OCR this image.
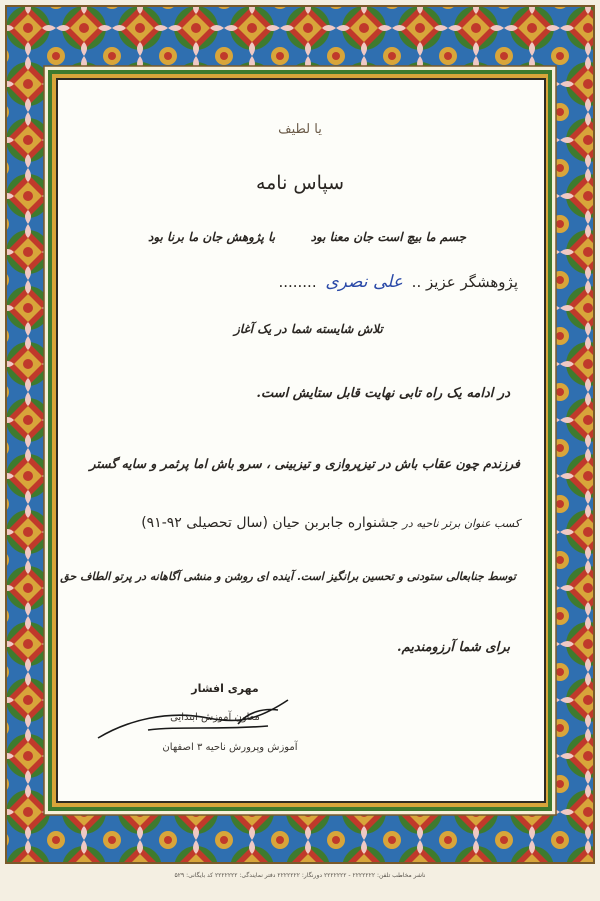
یا لطیف
سپاس نامه
جسم ما بیچ است جان معنا بود
با پژوهش جان ما برنا بود
پژوهشگر عزیز .. علی نصری ........
تلاش شایسته شما در یک آغاز
در ادامه یک راه تابی نهایت قابل ستایش است.
فرزندم چون عقاب باش در تیزپروازی و تیزبینی ، سرو باش اما پرثمر و سایه گستر
کسب عنوان برتر ناحیه در جشنواره جابربن حیان (سال تحصیلی ۹۲-۹۱)
توسط جنابعالی ستودنی و تحسین برانگیز است. آینده ای روشن و منشی آگاهانه در پرتو الطاف حق
برای شما آرزومندیم.
مهری افشار
معاون آموزش ابتدایی
آموزش وپرورش ناحیه ۳ اصفهان
ناشر مخاطب تلفن: ۲۲۲۲۲۲۲ - ۲۲۲۲۲۲۲ دورنگار: ۲۲۲۲۲۲۲ دفتر نمایندگی: ۲۲۲۲۲۲۲ کد بایگانی: ۵۲۹
